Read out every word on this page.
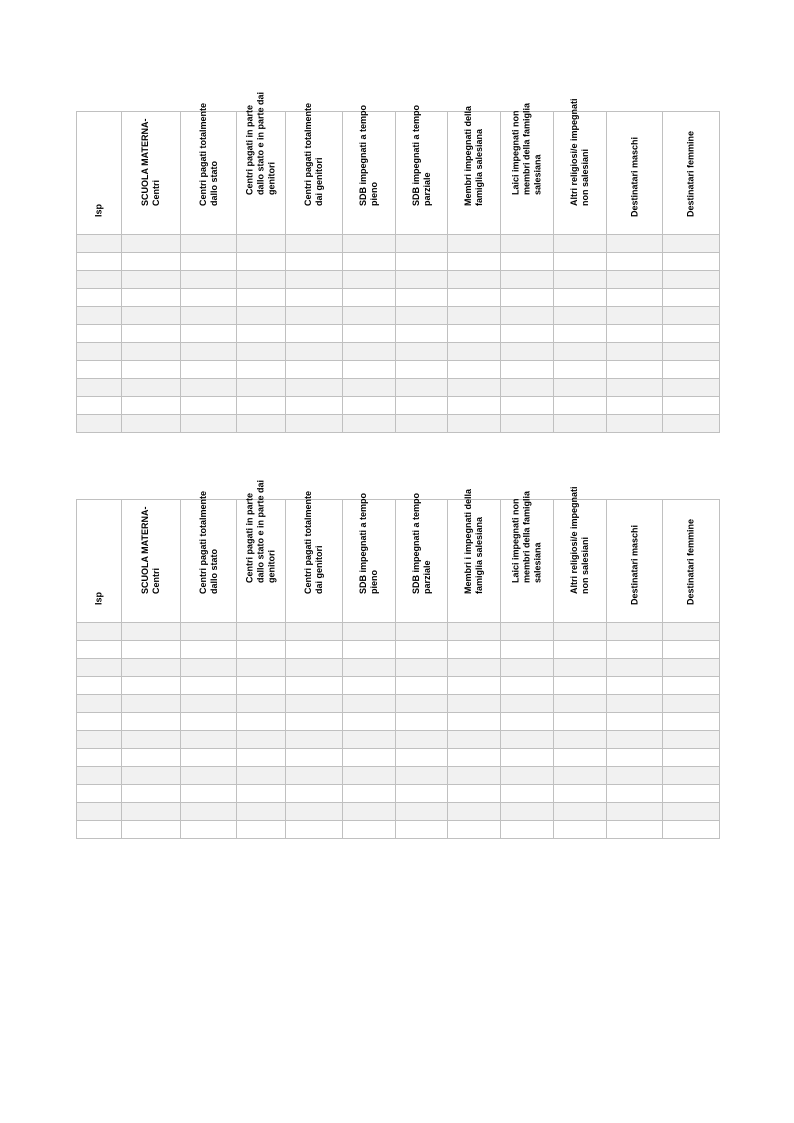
Isp	SCUOLA MATERNA-Centri	Centri pagati totalmente dallo stato	Centri pagati in parte dallo stato e in parte dai genitori	Centri pagati totalmente dai genitori	SDB impegnati a tempo pieno	SDB impegnati a tempo parziale	Membri impegnati della famiglia salesiana	Laici impegnati non membri della famiglia salesiana	Altri religiosi/e impegnati non salesiani	Destinatari maschi	Destinatari femmine

Isp	SCUOLA MATERNA-Centri	Centri pagati totalmente dallo stato	Centri pagati in parte dallo stato e in parte dai genitori	Centri pagati totalmente dai genitori	SDB impegnati a tempo pieno	SDB impegnati a tempo parziale	Membri i impegnati della famiglia salesiana	Laici impegnati non membri della famiglia salesiana	Altri religiosi/e impegnati non salesiani	Destinatari maschi	Destinatari femmine
